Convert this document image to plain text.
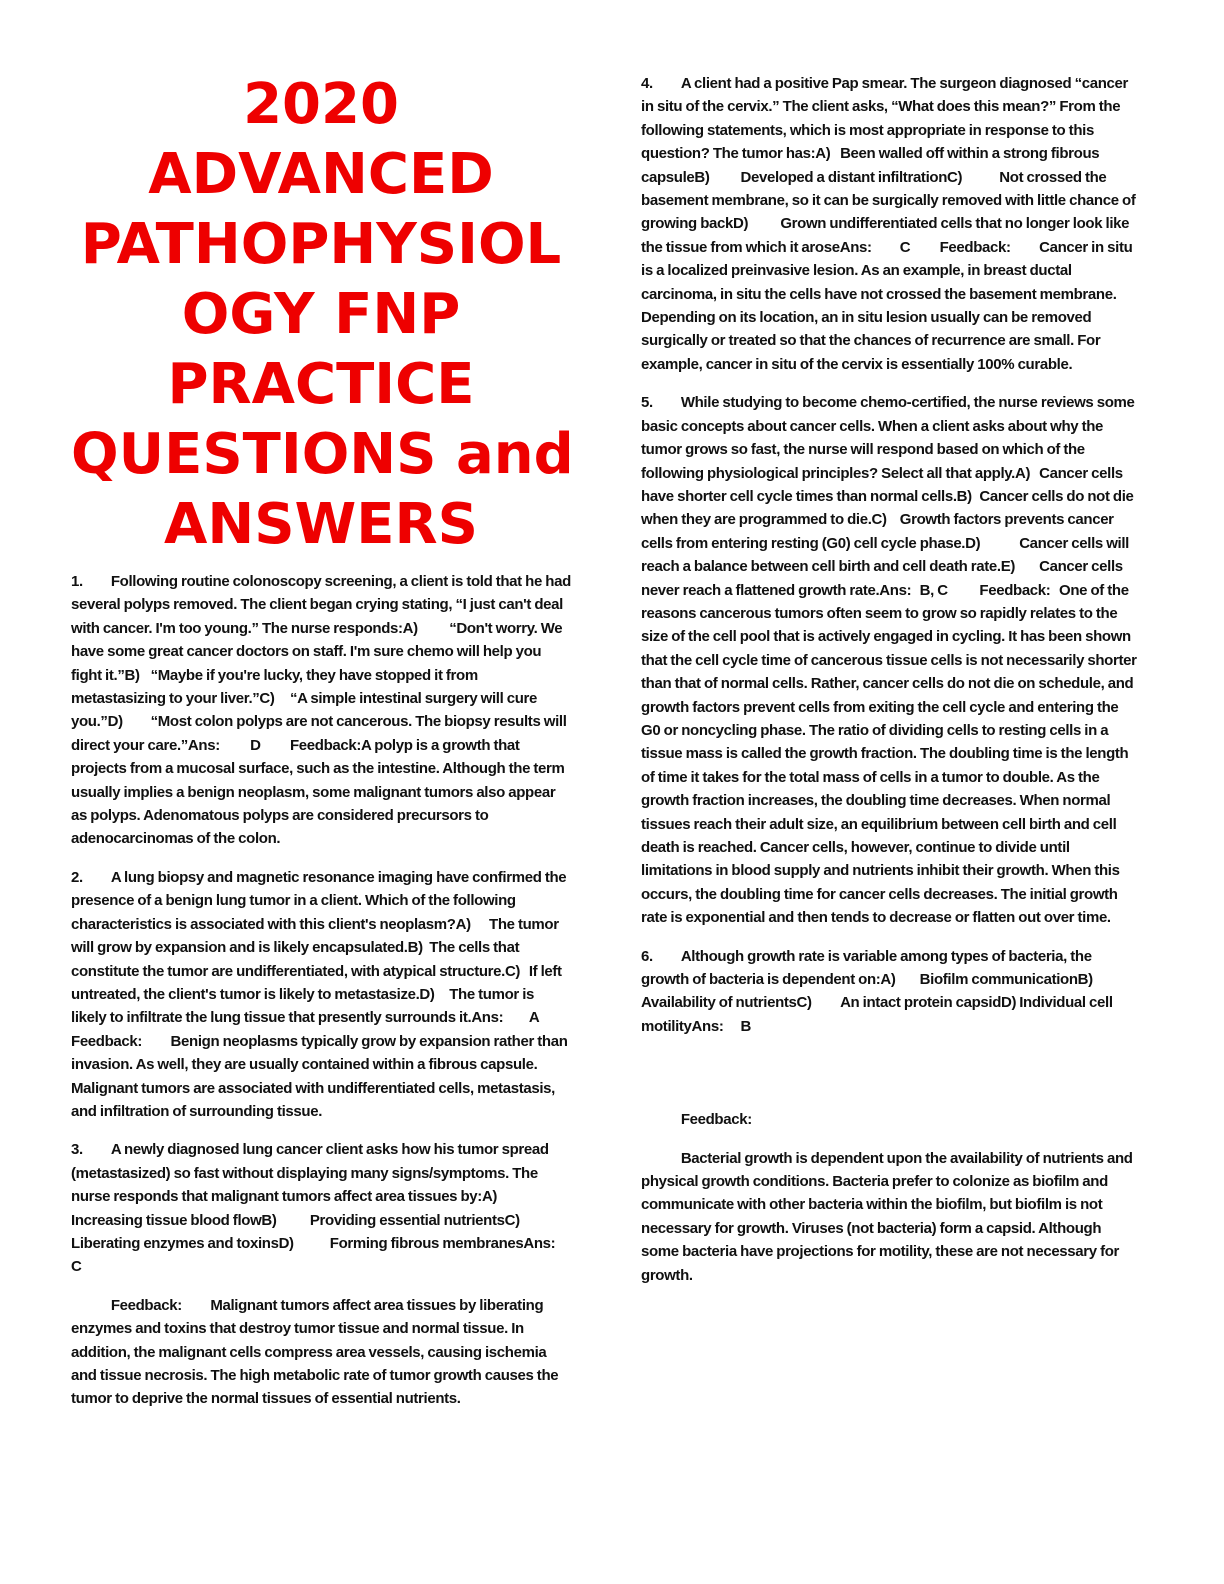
2020
ADVANCED
PATHOPHYSIOL
OGY FNP
PRACTICE
QUESTIONS and
ANSWERS

1.		Following routine colonoscopy screening, a client is told that he had several polyps removed. The client began crying stating, “I just can't deal with cancer. I'm too young.” The nurse responds:A)		“Don't worry. We have some great cancer doctors on staff. I'm sure chemo will help you fight it.”B)	“Maybe if you're lucky, they have stopped it from metastasizing to your liver.”C)	“A simple intestinal surgery will cure you.”D)		“Most colon polyps are not cancerous. The biopsy results will direct your care.”Ans:		D		Feedback:A polyp is a growth that projects from a mucosal surface, such as the intestine. Although the term usually implies a benign neoplasm, some malignant tumors also appear as polyps. Adenomatous polyps are considered precursors to adenocarcinomas of the colon.

2.		A lung biopsy and magnetic resonance imaging have confirmed the presence of a benign lung tumor in a client. Which of the following characteristics is associated with this client's neoplasm?A)	The tumor will grow by expansion and is likely encapsulated.B)	The cells that constitute the tumor are undifferentiated, with atypical structure.C)	If left untreated, the client's tumor is likely to metastasize.D)	The tumor is likely to infiltrate the lung tissue that presently surrounds it.Ans:		A		Feedback:		Benign neoplasms typically grow by expansion rather than invasion. As well, they are usually contained within a fibrous capsule. Malignant tumors are associated with undifferentiated cells, metastasis, and infiltration of surrounding tissue.

3.		A newly diagnosed lung cancer client asks how his tumor spread (metastasized) so fast without displaying many signs/symptoms. The nurse responds that malignant tumors affect area tissues by:A)	Increasing tissue blood flowB)		Providing essential nutrientsC)		Liberating enzymes and toxinsD)		Forming fibrous membranesAns:		C

		Feedback:		Malignant tumors affect area tissues by liberating enzymes and toxins that destroy tumor tissue and normal tissue. In addition, the malignant cells compress area vessels, causing ischemia and tissue necrosis. The high metabolic rate of tumor growth causes the tumor to deprive the normal tissues of essential nutrients.

4.		A client had a positive Pap smear. The surgeon diagnosed “cancer in situ of the cervix.” The client asks, “What does this mean?” From the following statements, which is most appropriate in response to this question? The tumor has:A)	Been walled off within a strong fibrous capsuleB)		Developed a distant infiltrationC)		Not crossed the basement membrane, so it can be surgically removed with little chance of growing backD)		Grown undifferentiated cells that no longer look like the tissue from which it aroseAns:		C		Feedback:		Cancer in situ is a localized preinvasive lesion. As an example, in breast ductal carcinoma, in situ the cells have not crossed the basement membrane. Depending on its location, an in situ lesion usually can be removed surgically or treated so that the chances of recurrence are small. For example, cancer in situ of the cervix is essentially 100% curable.

5.		While studying to become chemo-certified, the nurse reviews some basic concepts about cancer cells. When a client asks about why the tumor grows so fast, the nurse will respond based on which of the following physiological principles? Select all that apply.A)	Cancer cells have shorter cell cycle times than normal cells.B)	Cancer cells do not die when they are programmed to die.C)	Growth factors prevents cancer cells from entering resting (G0) cell cycle phase.D)		Cancer cells will reach a balance between cell birth and cell death rate.E)		Cancer cells never reach a flattened growth rate.Ans:	B, C		Feedback:	One of the reasons cancerous tumors often seem to grow so rapidly relates to the size of the cell pool that is actively engaged in cycling. It has been shown that the cell cycle time of cancerous tissue cells is not necessarily shorter than that of normal cells. Rather, cancer cells do not die on schedule, and growth factors prevent cells from exiting the cell cycle and entering the G0 or noncycling phase. The ratio of dividing cells to resting cells in a tissue mass is called the growth fraction. The doubling time is the length of time it takes for the total mass of cells in a tumor to double. As the growth fraction increases, the doubling time decreases. When normal tissues reach their adult size, an equilibrium between cell birth and cell death is reached. Cancer cells, however, continue to divide until limitations in blood supply and nutrients inhibit their growth. When this occurs, the doubling time for cancer cells decreases. The initial growth rate is exponential and then tends to decrease or flatten out over time.

6.		Although growth rate is variable among types of bacteria, the growth of bacteria is dependent on:A)		Biofilm communicationB)	Availability of nutrientsC)		An intact protein capsidD)	Individual cell motilityAns:	B

		Feedback:

		Bacterial growth is dependent upon the availability of nutrients and physical growth conditions. Bacteria prefer to colonize as biofilm and communicate with other bacteria within the biofilm, but biofilm is not necessary for growth. Viruses (not bacteria) form a capsid. Although some bacteria have projections for motility, these are not necessary for growth.
